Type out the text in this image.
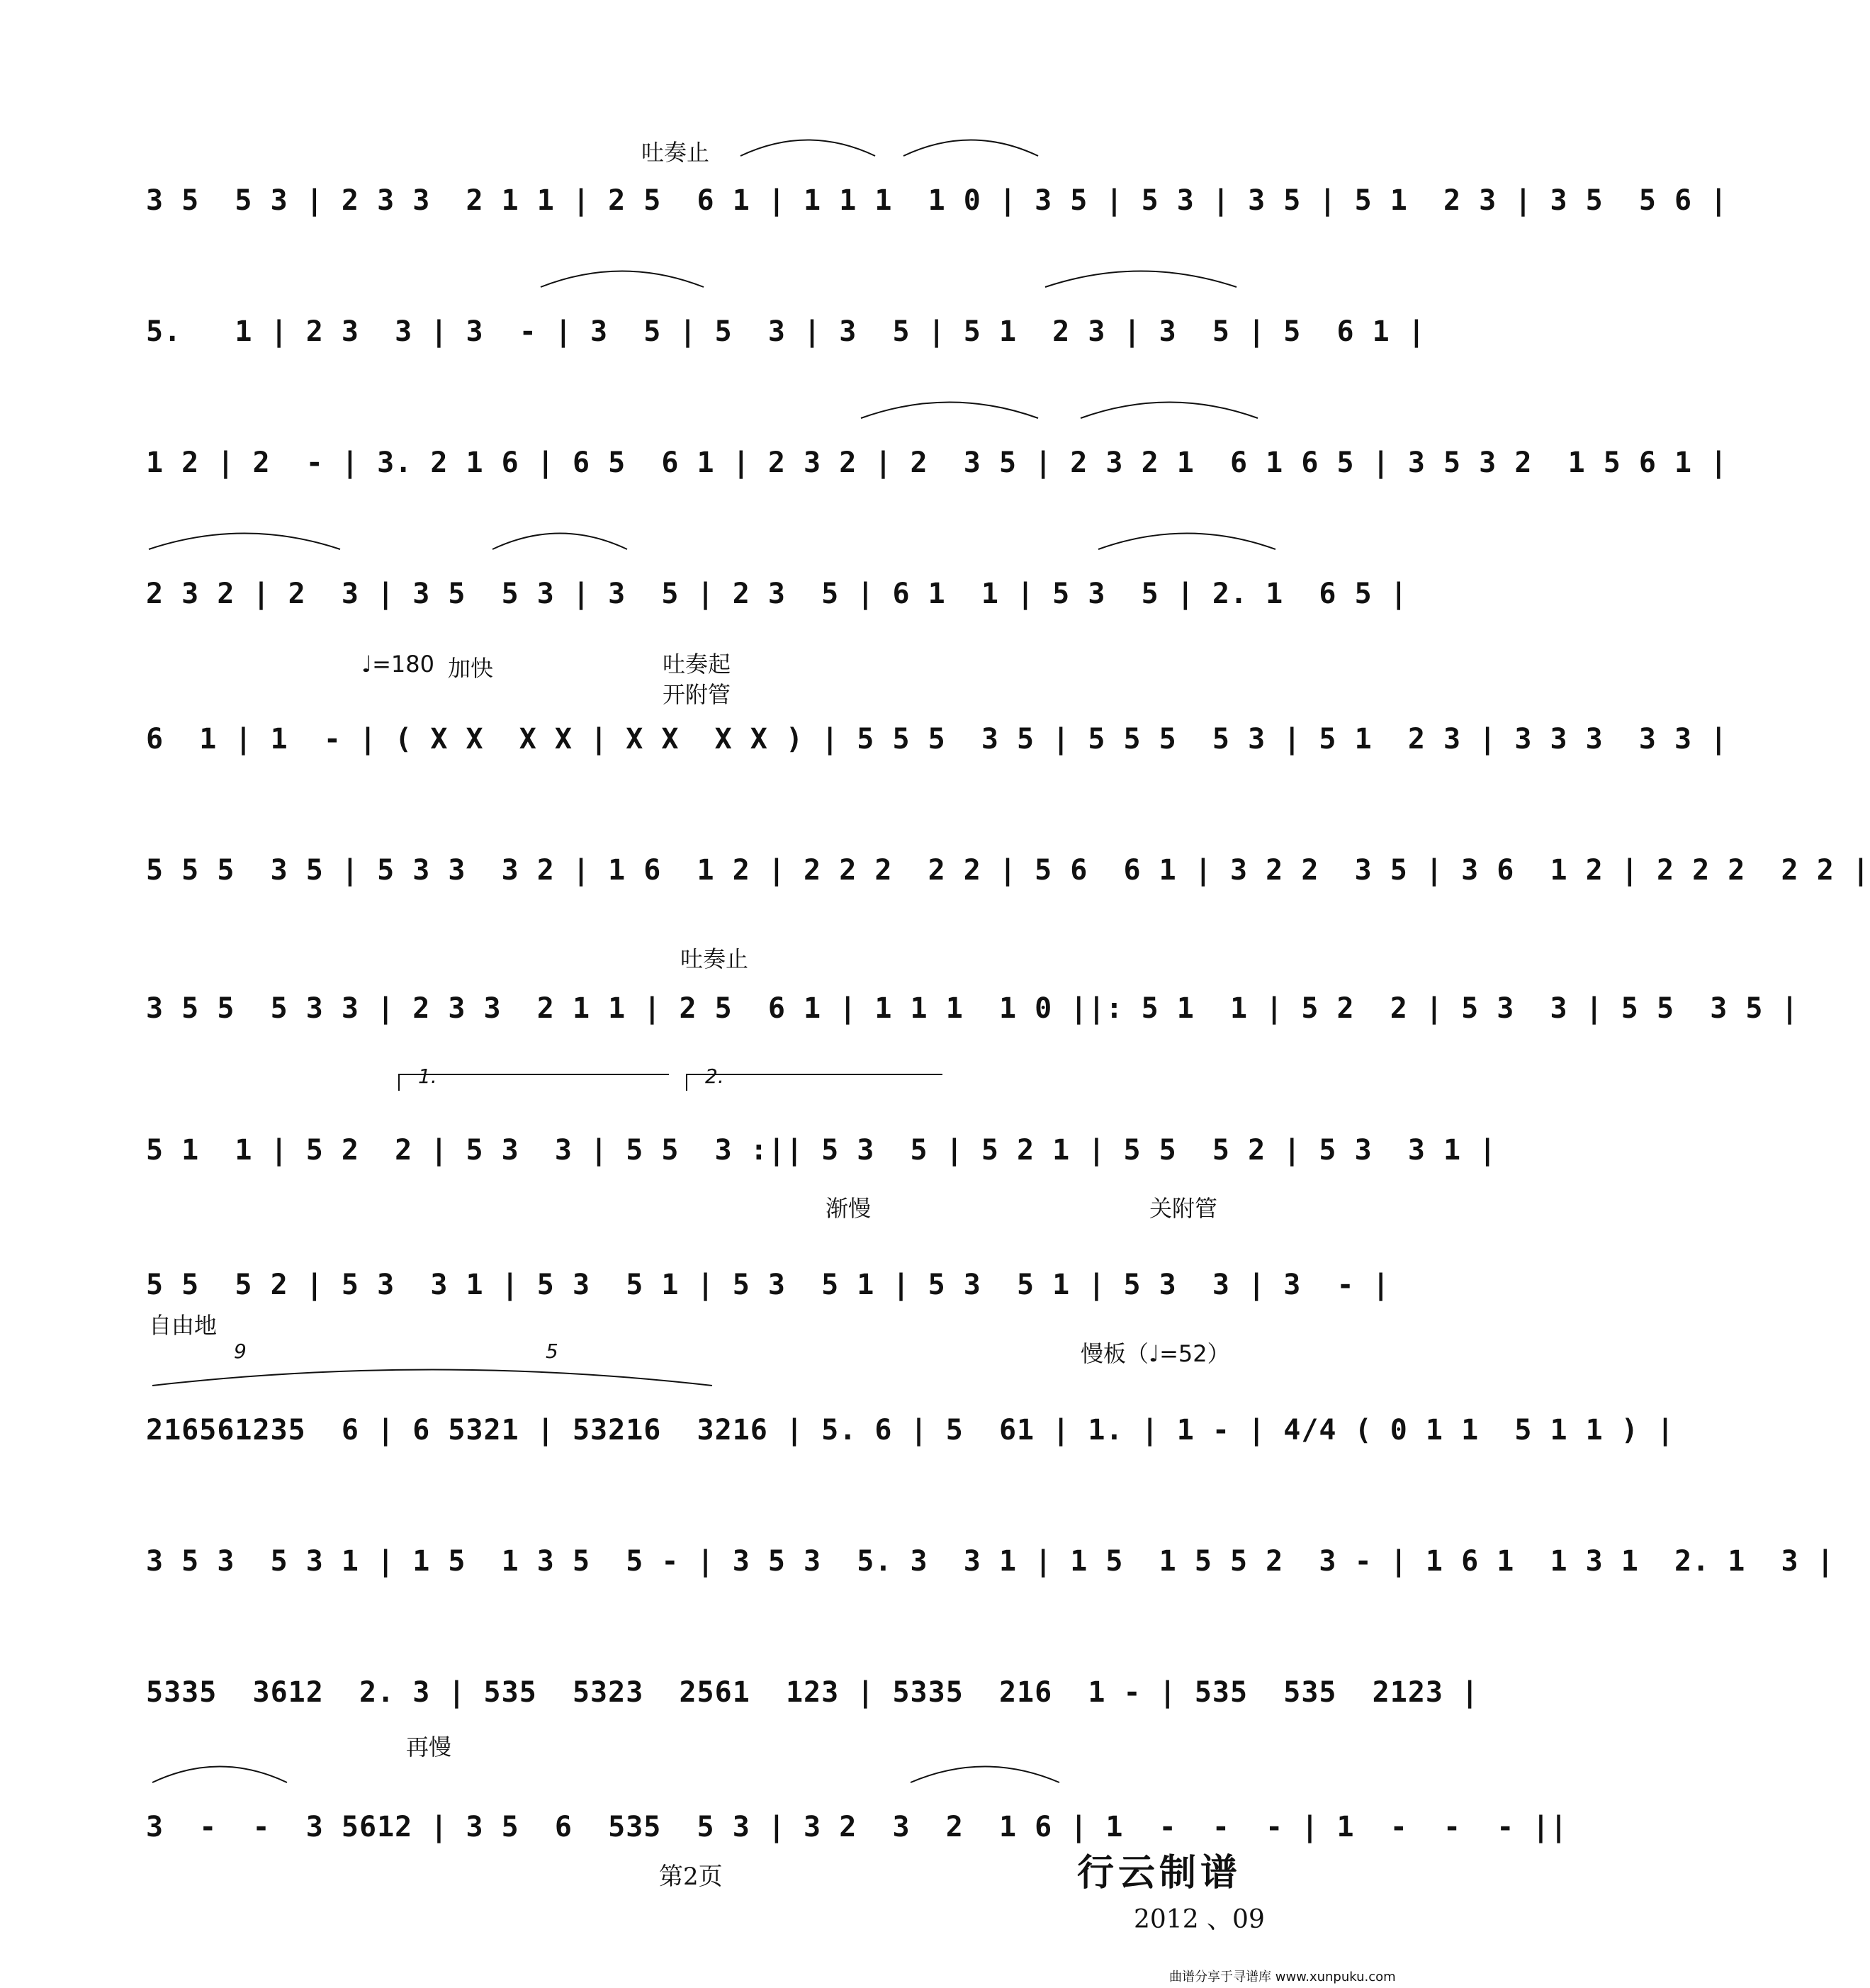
3 5  5 3 | 2 3 3  2 1 1 | 2 5  6 1 | 1 1 1  1 0 | 3 5 | 5 3 | 3 5 | 5 1  2 3 | 3 5  5 6 |
5.   1 | 2 3  3 | 3  - | 3  5 | 5  3 | 3  5 | 5 1  2 3 | 3  5 | 5  6 1 |
1 2 | 2  - | 3. 2 1 6 | 6 5  6 1 | 2 3 2 | 2  3 5 | 2 3 2 1  6 1 6 5 | 3 5 3 2  1 5 6 1 |
2 3 2 | 2  3 | 3 5  5 3 | 3  5 | 2 3  5 | 6 1  1 | 5 3  5 | 2. 1  6 5 |
6  1 | 1  - | ( X X  X X | X X  X X ) | 5 5 5  3 5 | 5 5 5  5 3 | 5 1  2 3 | 3 3 3  3 3 |
5 5 5  3 5 | 5 3 3  3 2 | 1 6  1 2 | 2 2 2  2 2 | 5 6  6 1 | 3 2 2  3 5 | 3 6  1 2 | 2 2 2  2 2 |
3 5 5  5 3 3 | 2 3 3  2 1 1 | 2 5  6 1 | 1 1 1  1 0 ||: 5 1  1 | 5 2  2 | 5 3  3 | 5 5  3 5 |
5 1  1 | 5 2  2 | 5 3  3 | 5 5  3 :|| 5 3  5 | 5 2 1 | 5 5  5 2 | 5 3  3 1 |
5 5  5 2 | 5 3  3 1 | 5 3  5 1 | 5 3  5 1 | 5 3  5 1 | 5 3  3 | 3  - |
216561235  6 | 6 5321 | 53216  3216 | 5. 6 | 5  61 | 1. | 1 - | 4/4 ( 0 1 1  5 1 1 ) |
3 5 3  5 3 1 | 1 5  1 3 5  5 - | 3 5 3  5. 3  3 1 | 1 5  1 5 5 2  3 - | 1 6 1  1 3 1  2. 1  3 |
5335  3612  2. 3 | 535  5323  2561  123 | 5335  216  1 - | 535  535  2123 |
3  -  -  3 5612 | 3 5  6  535  5 3 | 3 2  3  2  1 6 | 1  -  -  - | 1  -  -  - ||
吐奏止
♩=180 加快	吐奏起
开附管
吐奏止
1.	2.
渐慢	关附管
自由地
9	5	慢板（♩=52）
再慢
第2页	行云制谱
2012 、09
曲谱分享于寻谱库 www.xunpuku.com
